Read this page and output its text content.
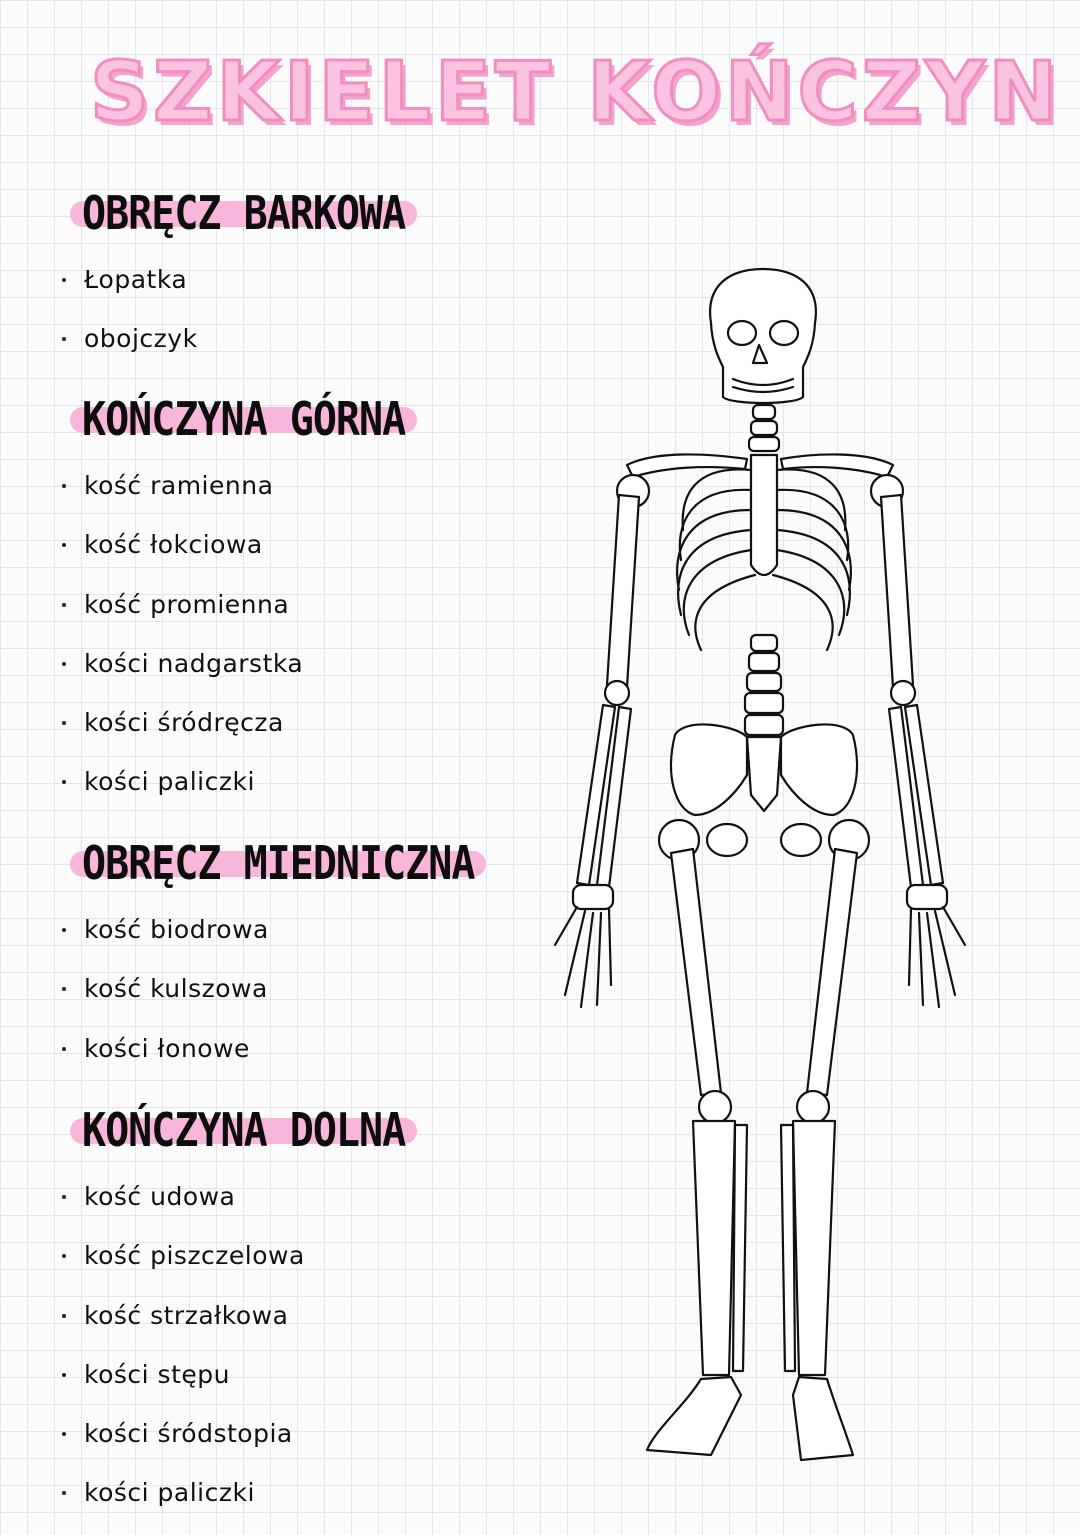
SZKIELET KOŃCZYN
OBRĘCZ BARKOWA
Łopatka
obojczyk
KOŃCZYNA GÓRNA
kość ramienna
kość łokciowa
kość promienna
kości nadgarstka
kości śródręcza
kości paliczki
OBRĘCZ MIEDNICZNA
kość biodrowa
kość kulszowa
kości łonowe
KOŃCZYNA DOLNA
kość udowa
kość piszczelowa
kość strzałkowa
kości stępu
kości śródstopia
kości paliczki
